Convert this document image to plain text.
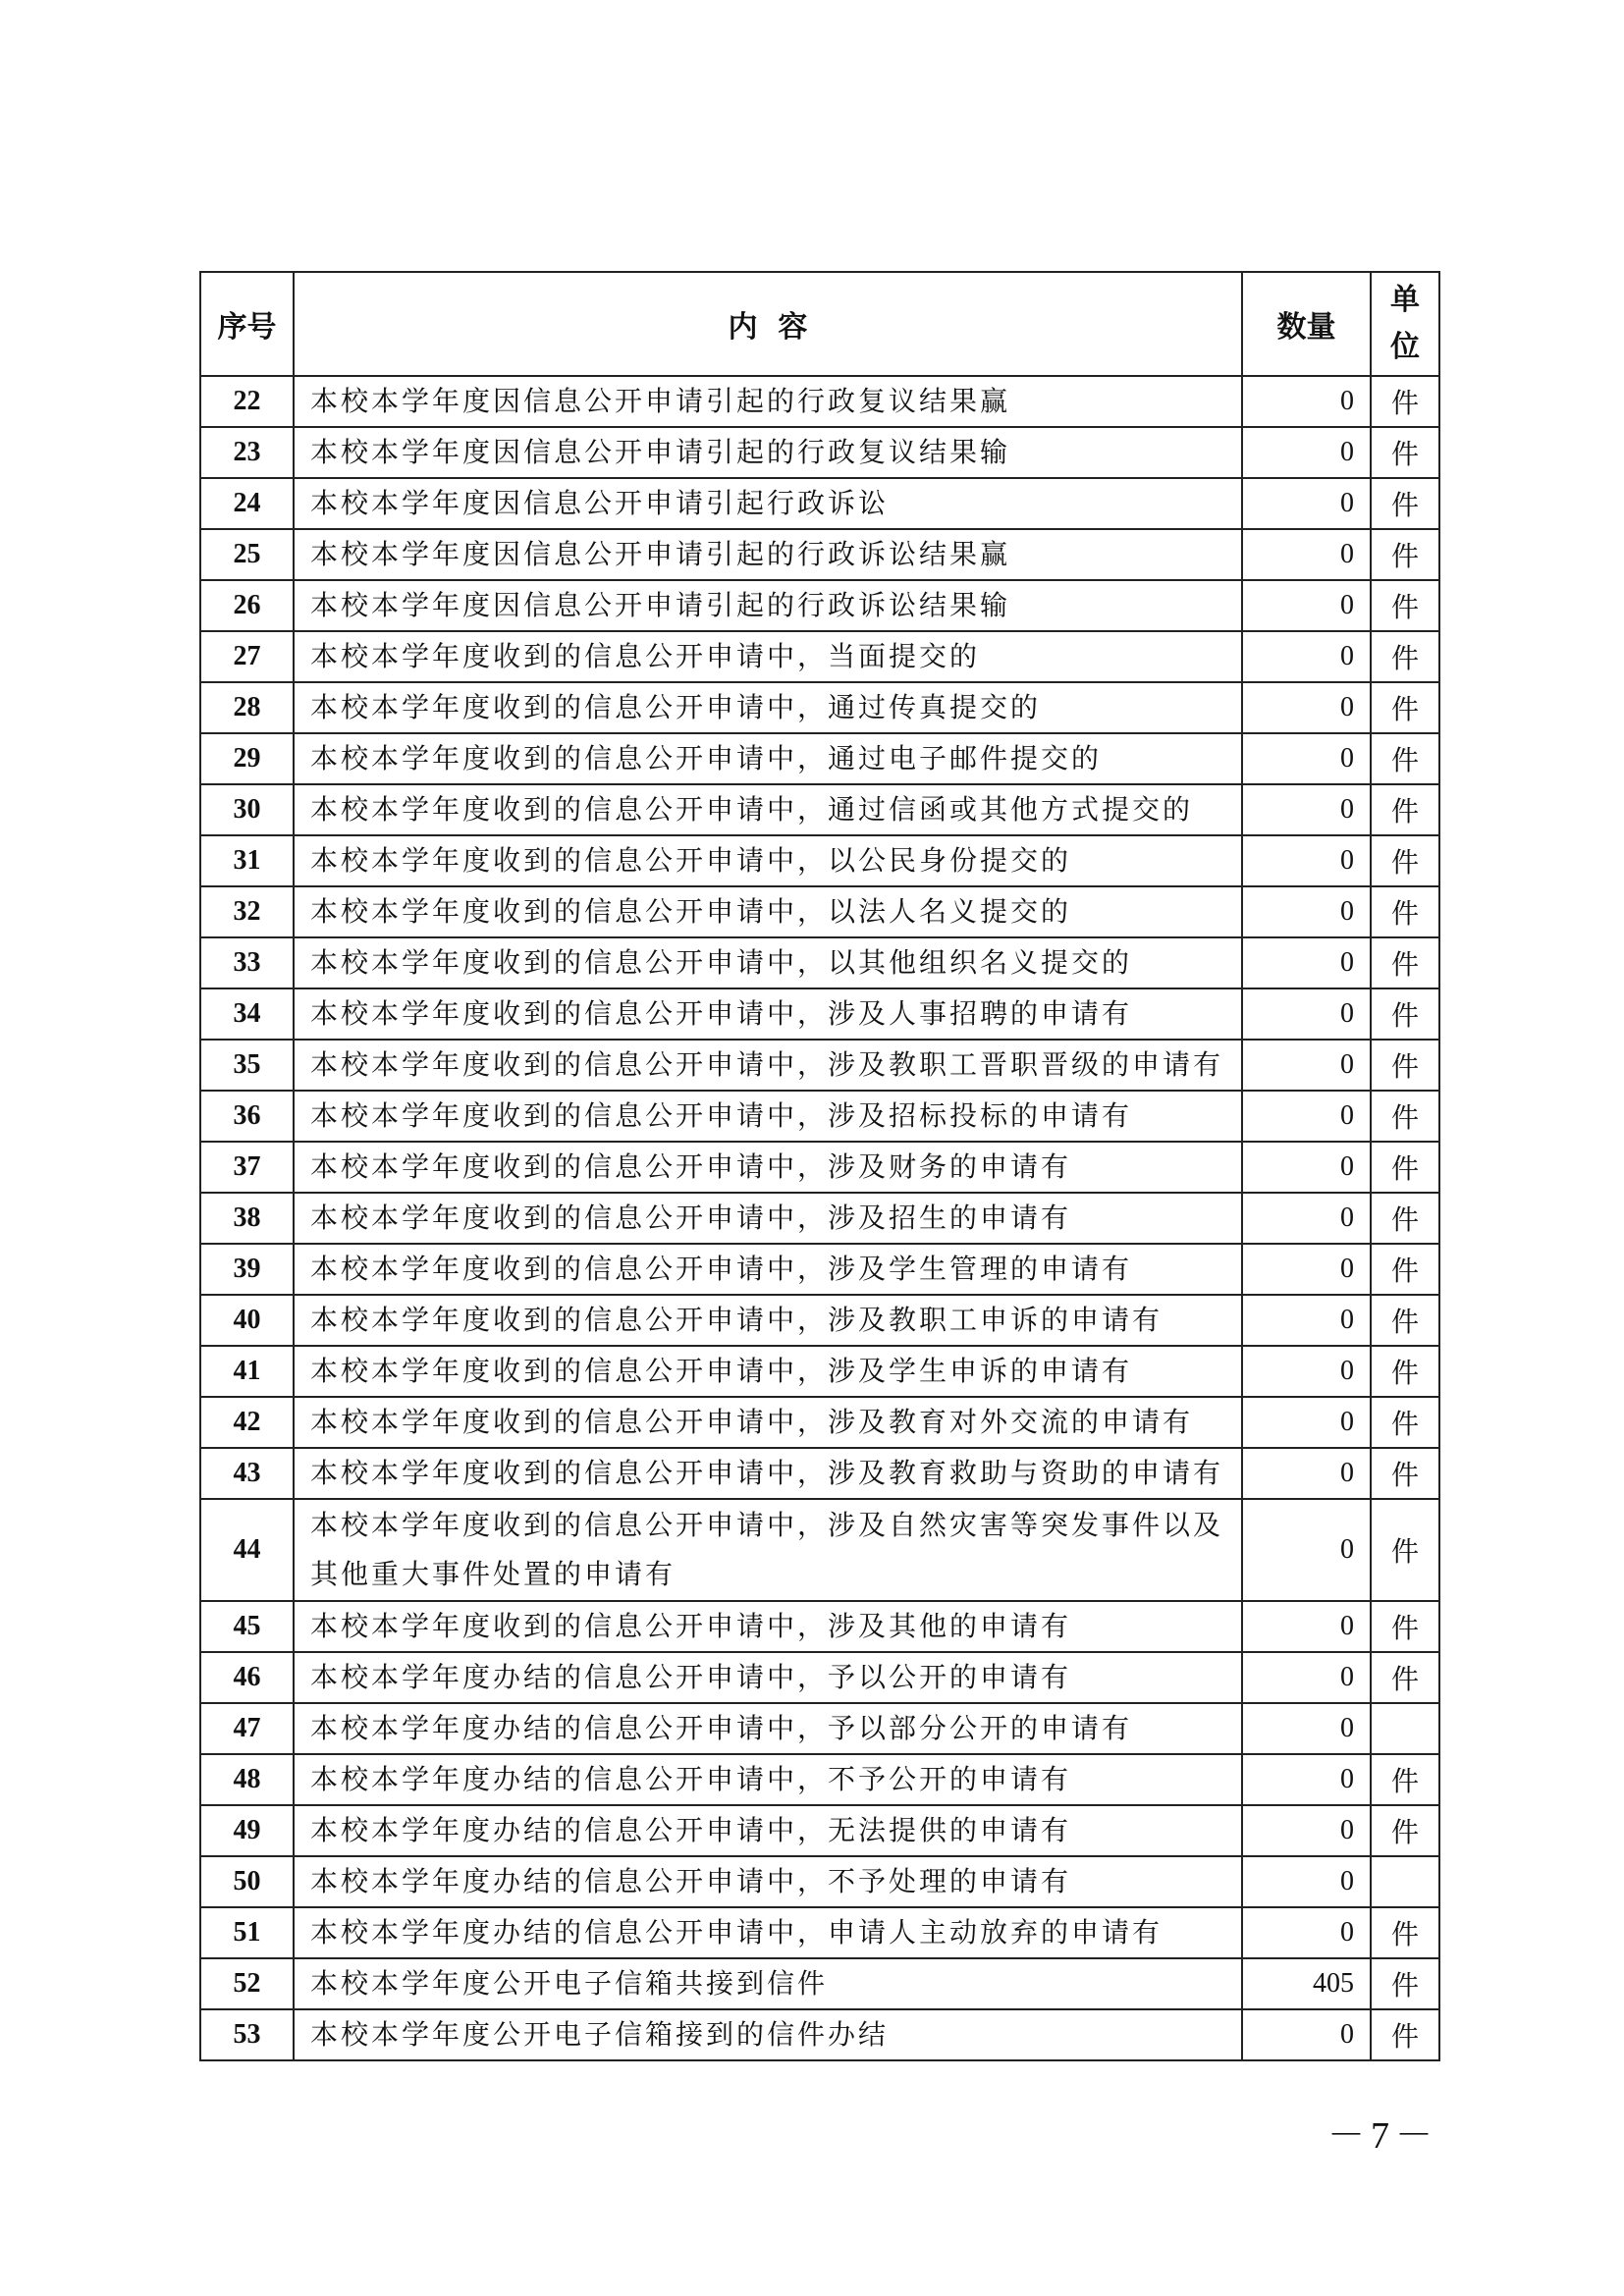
序号	内  容	数量	单
位

22	本校本学年度因信息公开申请引起的行政复议结果赢	0	件
23	本校本学年度因信息公开申请引起的行政复议结果输	0	件
24	本校本学年度因信息公开申请引起行政诉讼	0	件
25	本校本学年度因信息公开申请引起的行政诉讼结果赢	0	件
26	本校本学年度因信息公开申请引起的行政诉讼结果输	0	件
27	本校本学年度收到的信息公开申请中，当面提交的	0	件
28	本校本学年度收到的信息公开申请中，通过传真提交的	0	件
29	本校本学年度收到的信息公开申请中，通过电子邮件提交的	0	件
30	本校本学年度收到的信息公开申请中，通过信函或其他方式提交的	0	件
31	本校本学年度收到的信息公开申请中，以公民身份提交的	0	件
32	本校本学年度收到的信息公开申请中，以法人名义提交的	0	件
33	本校本学年度收到的信息公开申请中，以其他组织名义提交的	0	件
34	本校本学年度收到的信息公开申请中，涉及人事招聘的申请有	0	件
35	本校本学年度收到的信息公开申请中，涉及教职工晋职晋级的申请有	0	件
36	本校本学年度收到的信息公开申请中，涉及招标投标的申请有	0	件
37	本校本学年度收到的信息公开申请中，涉及财务的申请有	0	件
38	本校本学年度收到的信息公开申请中，涉及招生的申请有	0	件
39	本校本学年度收到的信息公开申请中，涉及学生管理的申请有	0	件
40	本校本学年度收到的信息公开申请中，涉及教职工申诉的申请有	0	件
41	本校本学年度收到的信息公开申请中，涉及学生申诉的申请有	0	件
42	本校本学年度收到的信息公开申请中，涉及教育对外交流的申请有	0	件
43	本校本学年度收到的信息公开申请中，涉及教育救助与资助的申请有	0	件
44	本校本学年度收到的信息公开申请中，涉及自然灾害等突发事件以及其他重大事件处置的申请有	0	件
45	本校本学年度收到的信息公开申请中，涉及其他的申请有	0	件
46	本校本学年度办结的信息公开申请中，予以公开的申请有	0	件
47	本校本学年度办结的信息公开申请中，予以部分公开的申请有	0	
48	本校本学年度办结的信息公开申请中，不予公开的申请有	0	件
49	本校本学年度办结的信息公开申请中，无法提供的申请有	0	件
50	本校本学年度办结的信息公开申请中，不予处理的申请有	0	
51	本校本学年度办结的信息公开申请中，申请人主动放弃的申请有	0	件
52	本校本学年度公开电子信箱共接到信件	405	件
53	本校本学年度公开电子信箱接到的信件办结	0	件
－7－
